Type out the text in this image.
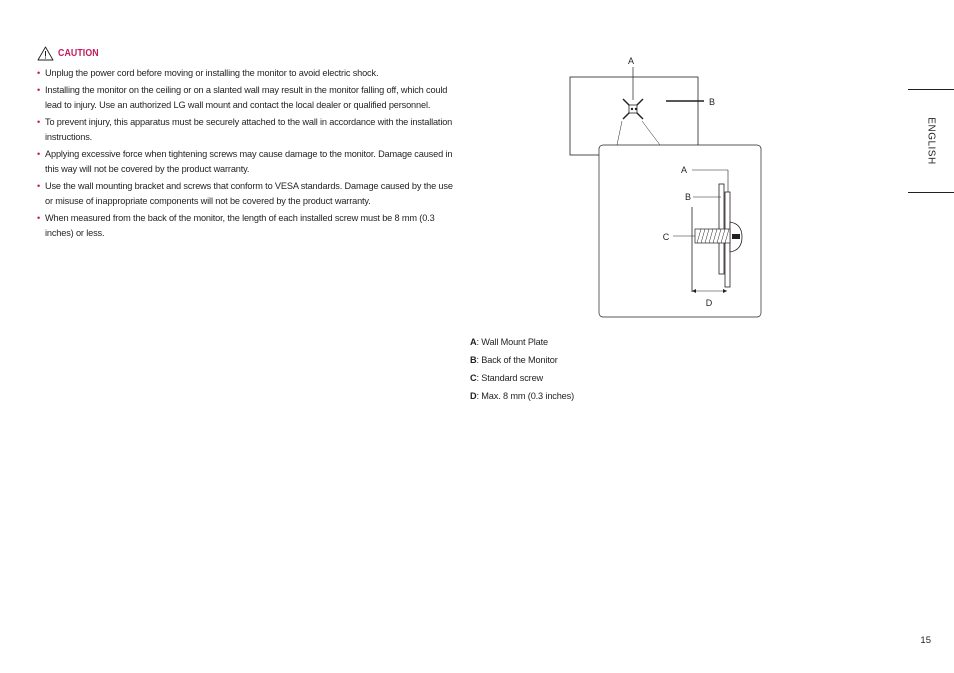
CAUTION
• Unplug the power cord before moving or installing the monitor to avoid electric shock.
• Installing the monitor on the ceiling or on a slanted wall may result in the monitor falling off, which could lead to injury. Use an authorized LG wall mount and contact the local dealer or qualified personnel.
• To prevent injury, this apparatus must be securely attached to the wall in accordance with the installation instructions.
• Applying excessive force when tightening screws may cause damage to the monitor. Damage caused in this way will not be covered by the product warranty.
• Use the wall mounting bracket and screws that conform to VESA standards. Damage caused by the use or misuse of inappropriate components will not be covered by the product warranty.
• When measured from the back of the monitor, the length of each installed screw must be 8 mm (0.3 inches) or less.
A
B
A
B
C
D
A: Wall Mount Plate
B: Back of the Monitor
C: Standard screw
D: Max. 8 mm (0.3 inches)
ENGLISH
15
